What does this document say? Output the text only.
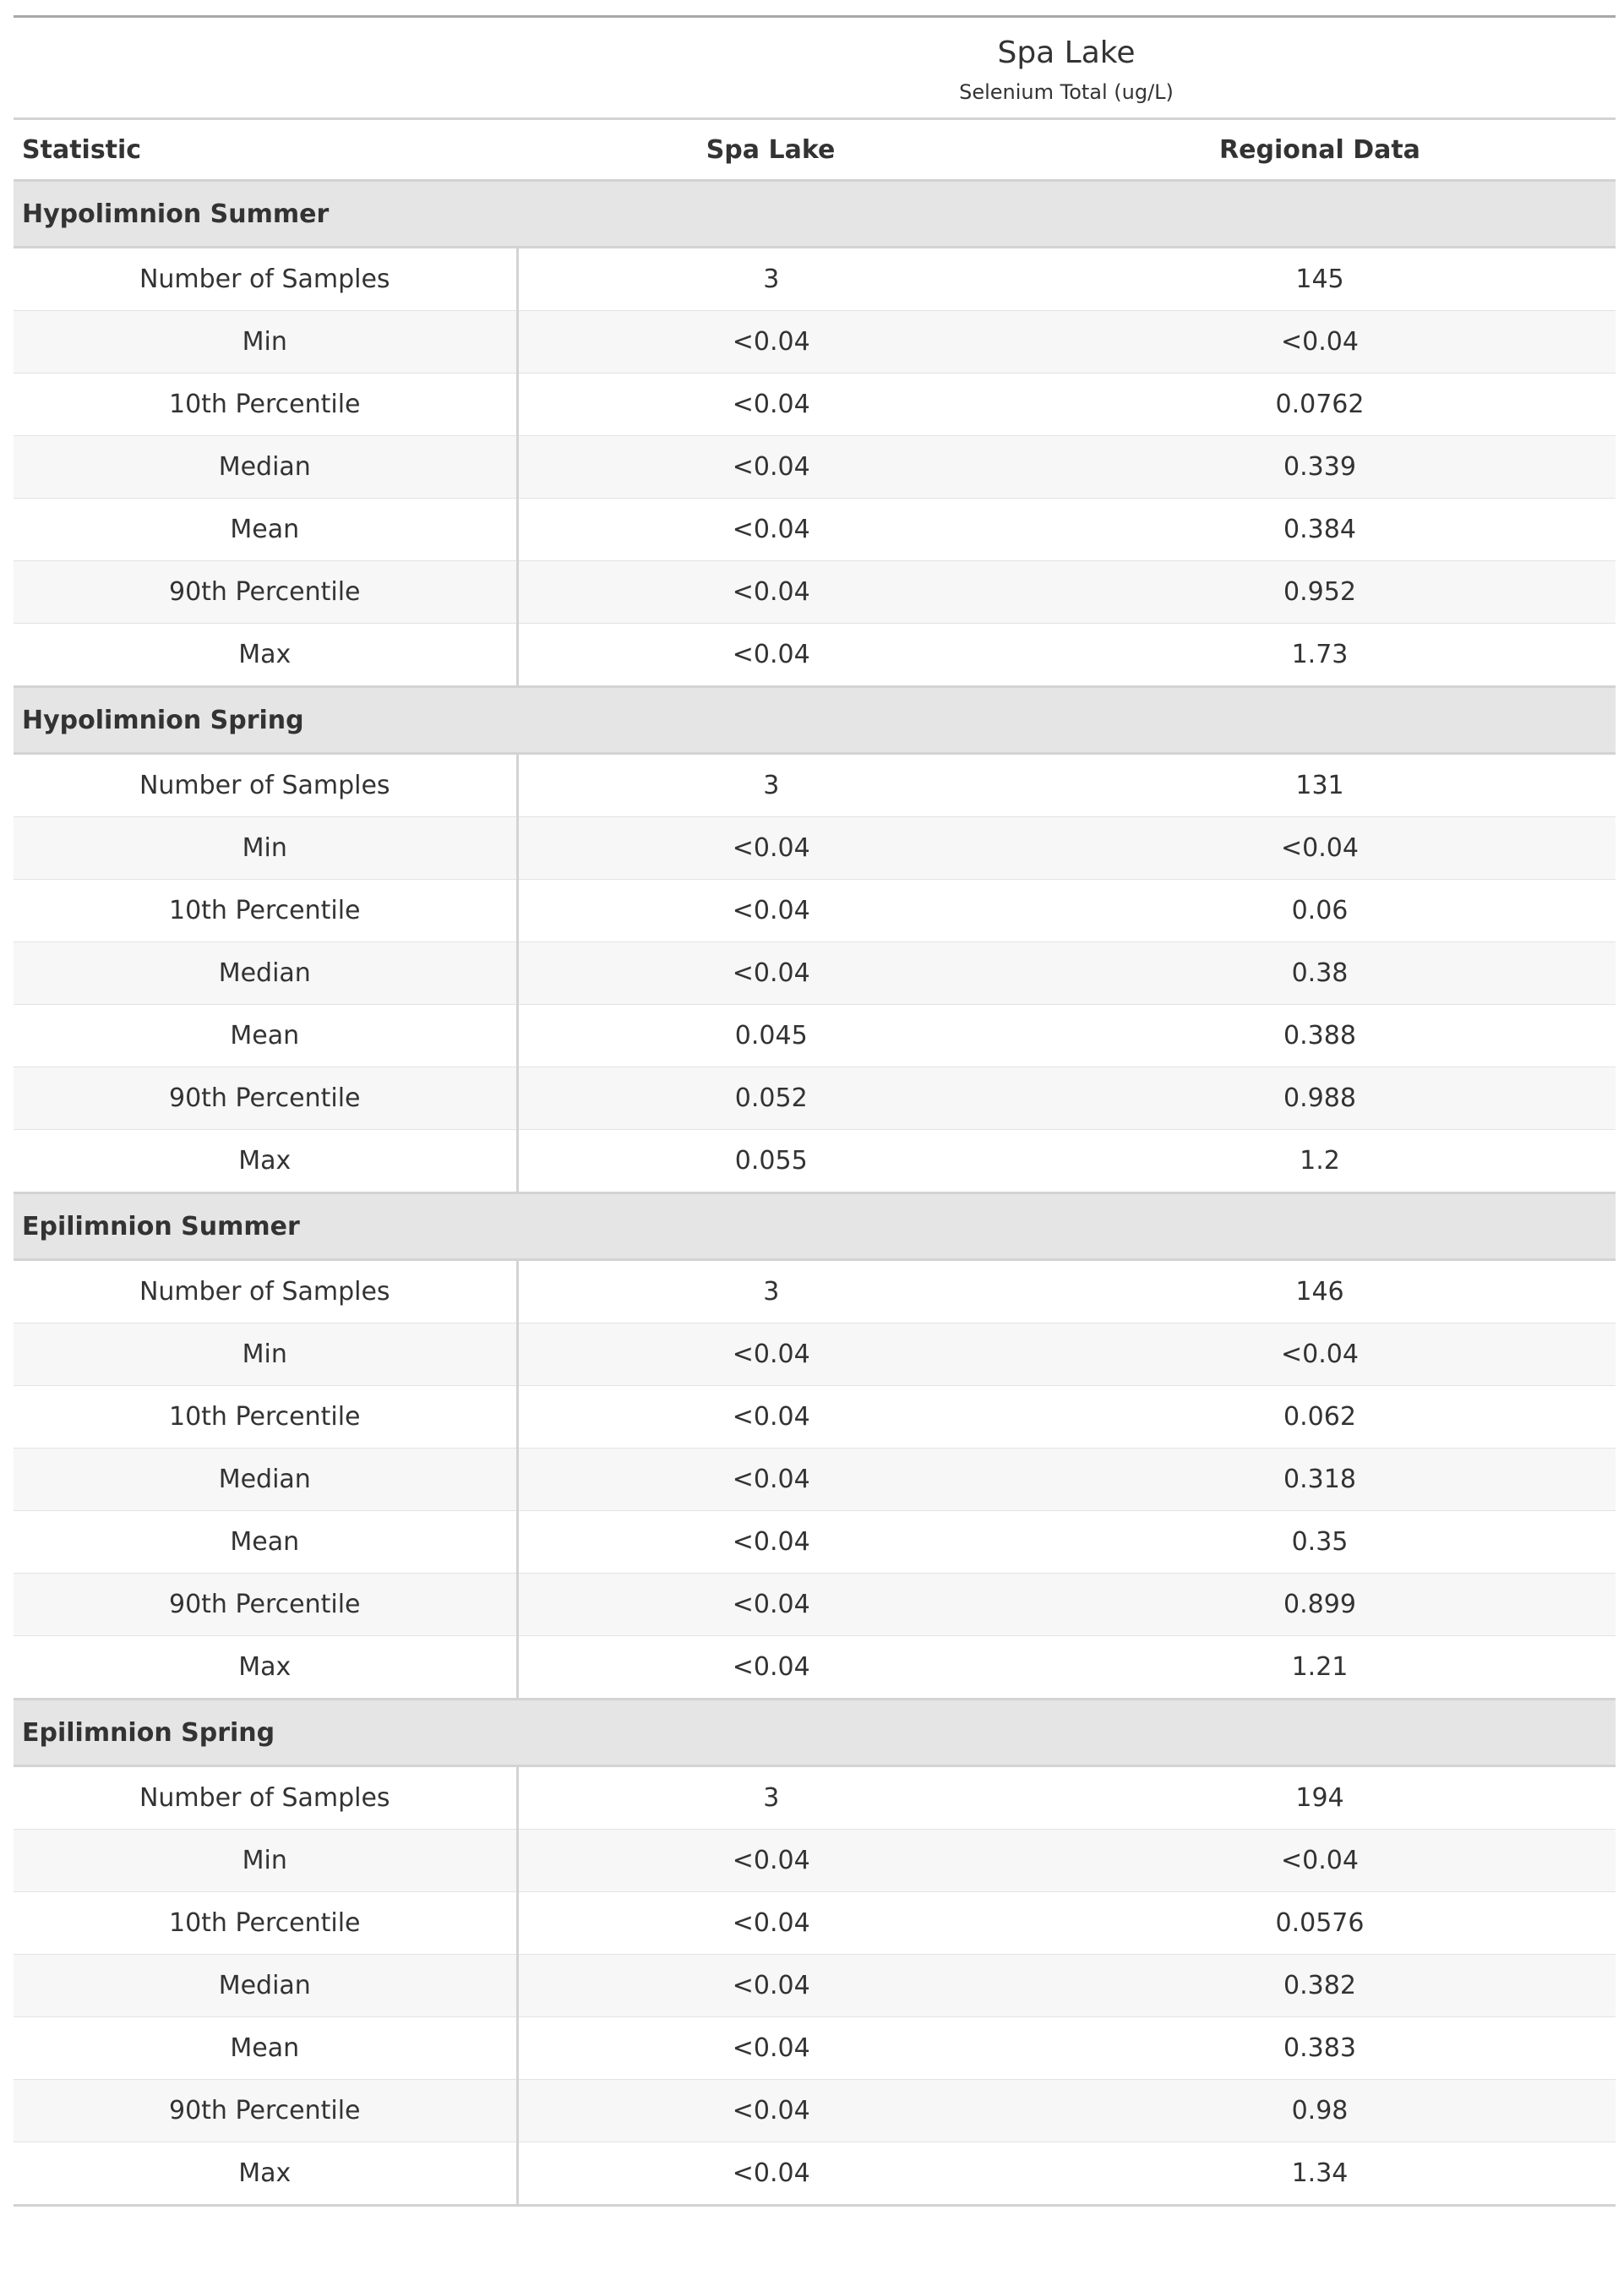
	Spa Lake
Selenium Total (ug/L)	

Statistic	Spa Lake	Regional Data
Hypolimnion Summer		
Number of Samples	3	145
Min	<0.04	<0.04
10th Percentile	<0.04	0.0762
Median	<0.04	0.339
Mean	<0.04	0.384
90th Percentile	<0.04	0.952
Max	<0.04	1.73
Hypolimnion Spring		
Number of Samples	3	131
Min	<0.04	<0.04
10th Percentile	<0.04	0.06
Median	<0.04	0.38
Mean	0.045	0.388
90th Percentile	0.052	0.988
Max	0.055	1.2
Epilimnion Summer		
Number of Samples	3	146
Min	<0.04	<0.04
10th Percentile	<0.04	0.062
Median	<0.04	0.318
Mean	<0.04	0.35
90th Percentile	<0.04	0.899
Max	<0.04	1.21
Epilimnion Spring		
Number of Samples	3	194
Min	<0.04	<0.04
10th Percentile	<0.04	0.0576
Median	<0.04	0.382
Mean	<0.04	0.383
90th Percentile	<0.04	0.98
Max	<0.04	1.34
